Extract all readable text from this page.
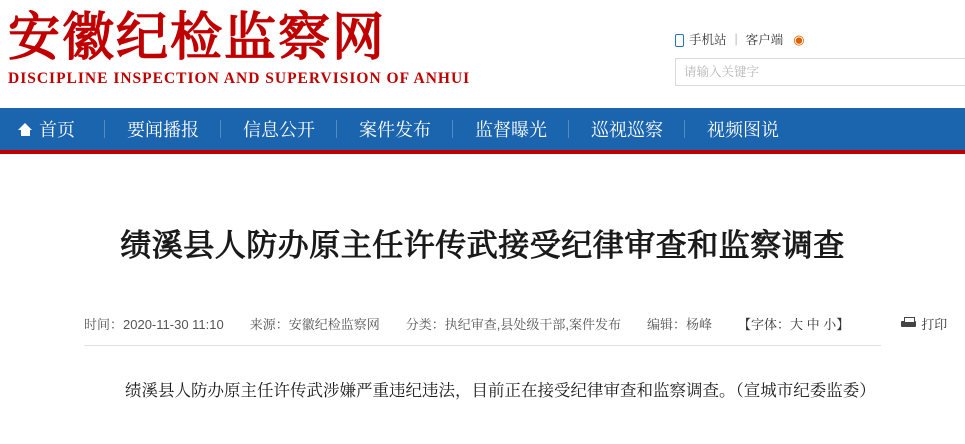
安徽纪检监察网
DISCIPLINE INSPECTION AND SUPERVISION OF ANHUI
手机站 | 客户端 ◉
请输入关键字
首页	要闻播报 信息公开 案件发布 监督曝光 巡视巡察 视频图说
绩溪县人防办原主任许传武接受纪律审查和监察调查
时间：2020-11-30 11:10 来源：安徽纪检监察网 分类：执纪审查,县处级干部,案件发布 编辑：杨峰 【字体：大 中 小】	打印
绩溪县人防办原主任许传武涉嫌严重违纪违法，目前正在接受纪律审查和监察调查。（宣城市纪委监委）
